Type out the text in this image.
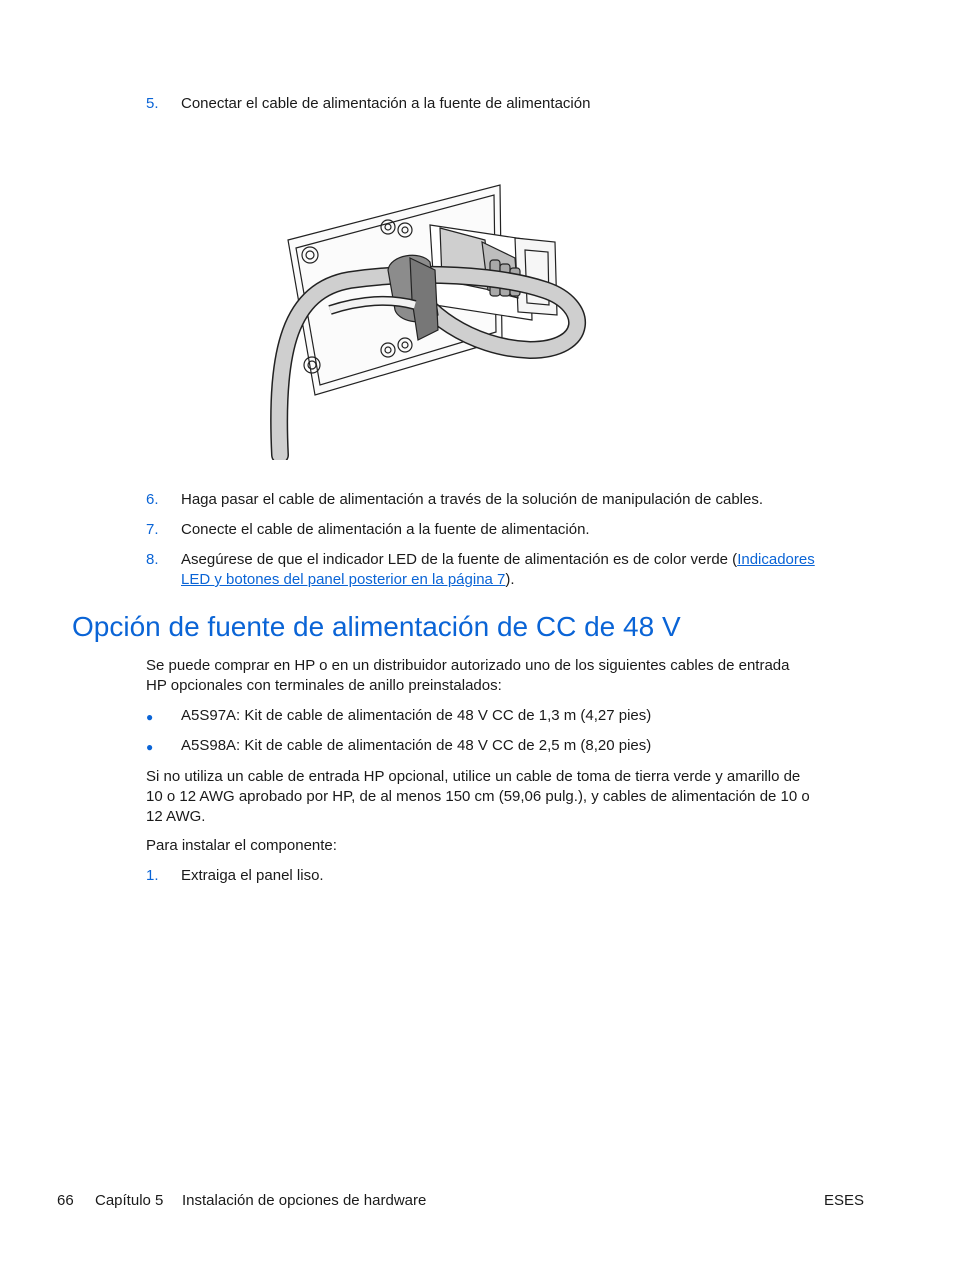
5. Conectar el cable de alimentación a la fuente de alimentación
6. Haga pasar el cable de alimentación a través de la solución de manipulación de cables.
7. Conecte el cable de alimentación a la fuente de alimentación.
8. Asegúrese de que el indicador LED de la fuente de alimentación es de color verde (Indicadores
LED y botones del panel posterior en la página 7).
Opción de fuente de alimentación de CC de 48 V
Se puede comprar en HP o en un distribuidor autorizado uno de los siguientes cables de entrada
HP opcionales con terminales de anillo preinstalados:
● A5S97A: Kit de cable de alimentación de 48 V CC de 1,3 m (4,27 pies)
● A5S98A: Kit de cable de alimentación de 48 V CC de 2,5 m (8,20 pies)
Si no utiliza un cable de entrada HP opcional, utilice un cable de toma de tierra verde y amarillo de
10 o 12 AWG aprobado por HP, de al menos 150 cm (59,06 pulg.), y cables de alimentación de 10 o
12 AWG.
Para instalar el componente:
1. Extraiga el panel liso.
66 Capítulo 5 Instalación de opciones de hardware	ESES
